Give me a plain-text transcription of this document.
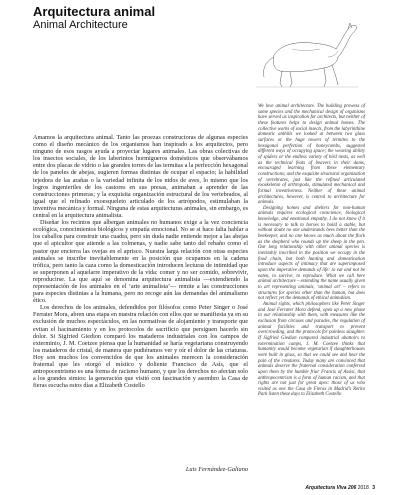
Arquitectura animal
Animal Architecture

Amamos la arquitectura animal. Tanto las proezas constructoras de algunas especies como el diseño mecánico de los organismos han inspirado a los arquitectos, pero ninguno de esos rasgos ayuda a proyectar lugares animales. Las obras colectivas de los insectos sociales, de los laberintos hormigueros domésticos que observábamos entre dos placas de vidrio o las grandes torres de las termitas a la perfección hexagonal de los paneles de abejas, sugieren formas distintas de ocupar el espacio; la habilidad tejedora de las arañas o la variedad infinita de los nidos de aves, lo mismo que los logros ingenieriles de los castores en sus presas, animaban a aprender de las construcciones primeras; y la exquisita organización estructural de los vertebrados, al igual que el refinado exoesqueleto articulado de los artrópodos, estimulaban la inventiva mecánica y formal. Ninguna de estas arquitecturas animales, sin embargo, es central en la arquitectura animalista.

Diseñar los recintos que albergan animales no humanos exige a la vez conciencia ecológica, conocimientos biológicos y empatía emocional. No se si hace falta hablar a los caballos para construir una cuadra, pero sin duda nadie entiende mejor a las abejas que el apicultor que atiende a las colmenas, y nadie sabe tanto del rebaño como el pastor que encierra las ovejas en el aprisco. Nuestra larga relación con otras especies animales se inscribe inevitablemente en la posición que ocupamos en la cadena trófica, pero tanto la caza como la domesticación introducen lecturas de intimidad que se superponen al aquelarre imperativo de la vida: comer y no ser comido, sobrevivir, reproducirse. La que aquí se denomina arquitectura animalista —extendiendo la representación de los animales en el ‘arte animalista’— remite a las construcciones para especies distintas a la humana, pero no recoge aún las demandas del animalismo ético.

Los derechos de los animales, defendidos por filósofos como Peter Singer o José Ferrater Mora, abren una etapa en nuestra relación con ellos que se manifiesta ya en su exclusión de muchos espectáculos, en las normativas de alojamiento y transporte que evitan el hacinamiento y en los protocolos de sacrificio que persiguen hacerlo sin dolor. Si Sigfried Giedion comparó los mataderos industriales con los campos de exterminio, J. M. Coetzee piensa que la humanidad se haría vegetariana construyendo los mataderos de cristal, de manera que pudiéramos ver y oír el dolor de las criaturas. Hoy son muchos los convencidos de que los animales merecen la consideración fraternal que les otorgó el místico y doliente Francisco de Asís, que el antropocentrismo es una forma de racismo humano, y que los derechos no afectan solo a los grandes simios: la generación que visitó con fascinación y asombro la Casa de fieras escucha estos días a Elizabeth Costello

Luis Fernández-Galiano

We love animal architecture. The building prowess of some species and the mechanical design of organisms have served as inspiration for architects, but neither of these features helps to design animal homes. The collective works of social insects, from the labyrinthine domestic anthills we looked at between two glass surfaces or the huge towers of termites to the hexagonal perfection of honeycombs, suggested different ways of occupying space; the weaving ability of spiders or the endless variety of bird nests, as well as the technical feats of beavers in their dams, encouraged learning from these elementary constructions; and the exquisite structural organization of vertebrates, just like the refined articulated exoskeleton of arthropods, stimulated mechanical and formal inventiveness. Neither of these animal architectures, however, is central to architecture for animals.

Designing homes and shelters for non-human animals requires ecological conscience, biological knowledge, and emotional empathy. I do not know if it is necessary to talk to horses to build a stable, but without doubt no one understands bees better than the beekeeper, and no one knows as much about the flock as the shepherd who rounds up the sheep in the pen. Our long relationship with other animal species is inevitably inscribed in the position we occupy in the food chain, but both hunting and domestication introduce aspects of intimacy that are superimposed upon the imperative demands of life: to eat and not be eaten, to survive, to reproduce. What we call here animal architecture – extending the name usually given to art representing animals, ‘animal art’ – refers to structures for species other than the human, but does not reflect yet the demands of ethical animalism.

Animal rights, which philosophers like Peter Singer and José Ferrater Mora defend, open up a new phase in our relationship with them, with measures like the exclusion from circuses and parades, the regulation of animal facilities and transport to prevent overcrowding, and the protocols for painless slaughter. If Sigfried Giedion compared industrial abattoirs to extermination camps, J. M. Coetzee thinks that humanity would become vegetarian if slaughterhouses were built in glass, so that we could see and hear the pain of the creatures. Today many are convinced that animals deserve the fraternal consideration conferred upon them by the humble friar Francis of Assisi, that anthropocentrism is a form of human racism, and that rights are not just for great apes: those of us who visited as one the Casa de Fieras in Madrid’s Retiro Park listen these days to Elizabeth Costello

Arquitectura Viva 206 2018 3
